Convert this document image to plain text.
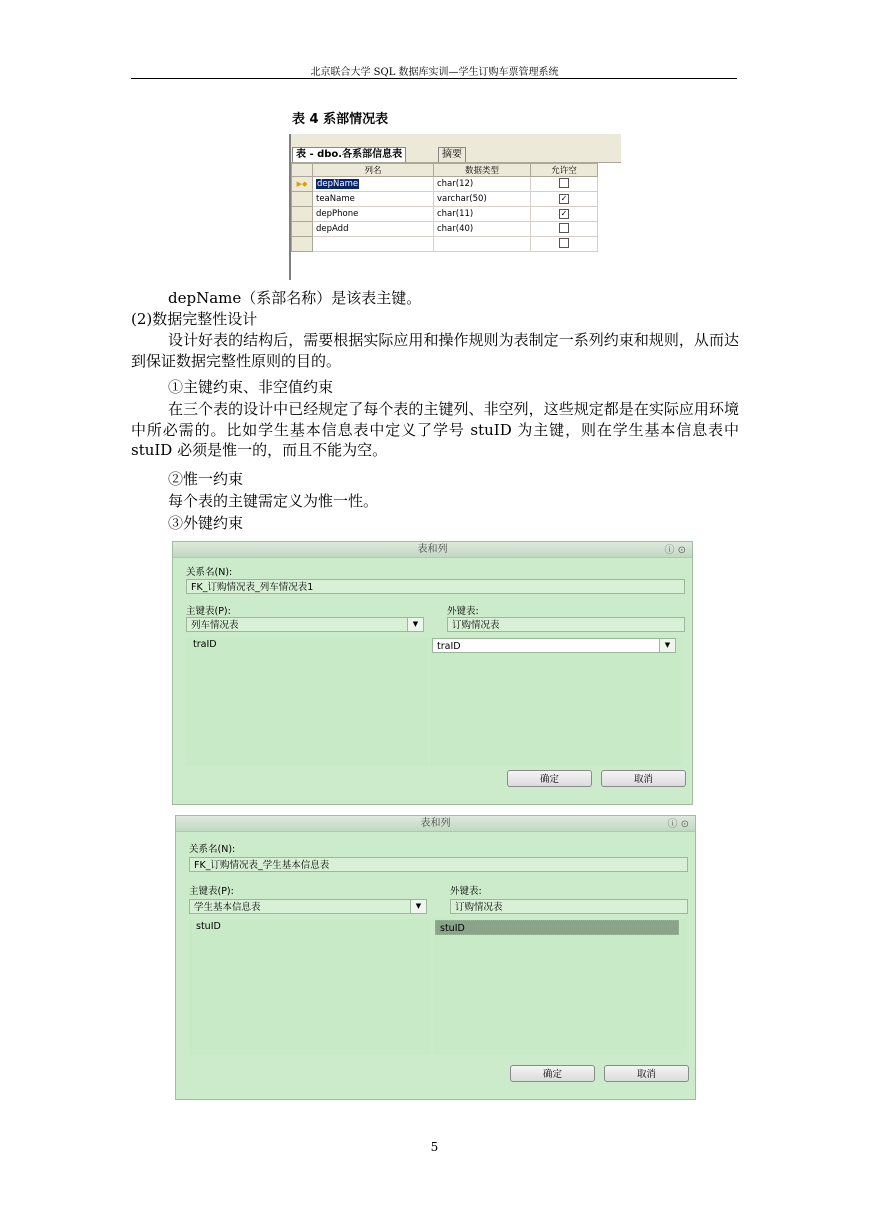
北京联合大学 SQL 数据库实训—学生订购车票管理系统
表 4 系部情况表
表 - dbo.各系部信息表	摘要
	列名	数据类型	允许空
▶◆	depName	char(12)	
	teaName	varchar(50)	✓
	depPhone	char(11)	✓
	depAdd	char(40)	

depName（系部名称）是该表主键。
(2)数据完整性设计
设计好表的结构后，需要根据实际应用和操作规则为表制定一系列约束和规则，从而达到保证数据完整性原则的目的。
①主键约束、非空值约束
在三个表的设计中已经规定了每个表的主键列、非空列，这些规定都是在实际应用环境中所必需的。比如学生基本信息表中定义了学号 stuID 为主键，则在学生基本信息表中 stuID 必须是惟一的，而且不能为空。
②惟一约束
每个表的主键需定义为惟一性。
③外键约束
表和列	ⓘ ⊙
关系名(N):
FK_订购情况表_列车情况表1
主键表(P):
列车情况表	▼
外键表:
订购情况表
traID	traID	▼
确定	取消
表和列	ⓘ ⊙
关系名(N):
FK_订购情况表_学生基本信息表
主键表(P):
学生基本信息表	▼
外键表:
订购情况表
stuID	stuID
确定	取消
5
